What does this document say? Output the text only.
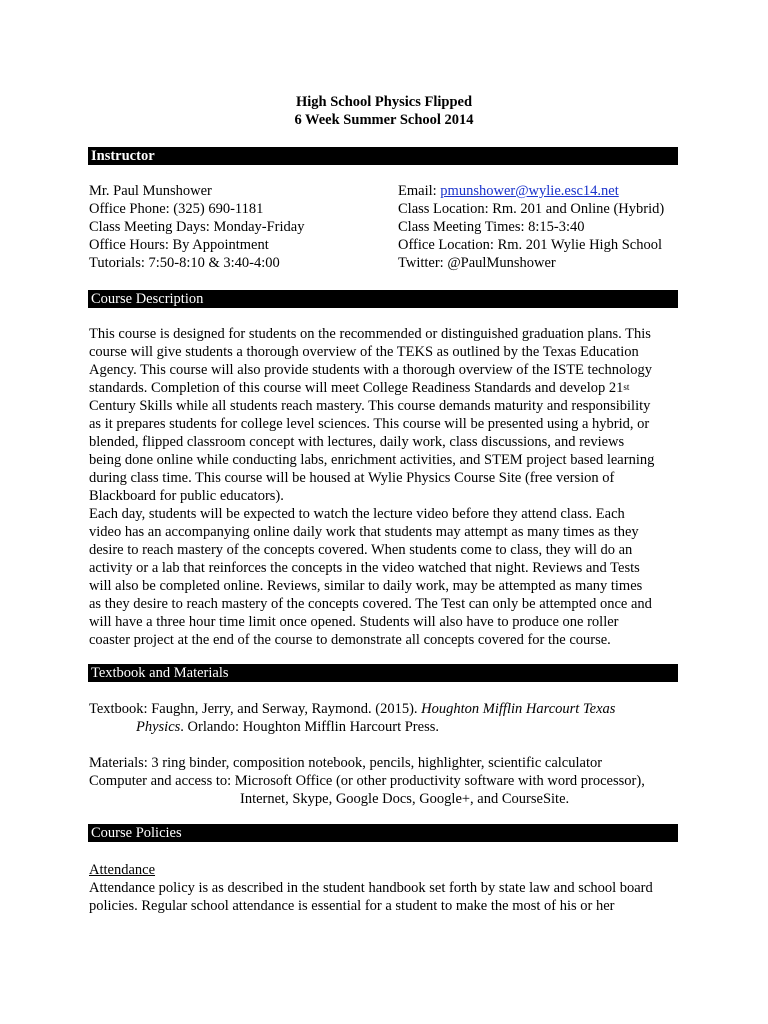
High School Physics Flipped
6 Week Summer School 2014
Instructor
Mr. Paul Munshower
Office Phone: (325) 690-1181
Class Meeting Days: Monday-Friday
Office Hours: By Appointment
Tutorials: 7:50-8:10 & 3:40-4:00
Email: pmunshower@wylie.esc14.net
Class Location: Rm. 201 and Online (Hybrid)
Class Meeting Times: 8:15-3:40
Office Location: Rm. 201 Wylie High School
Twitter: @PaulMunshower
Course Description
This course is designed for students on the recommended or distinguished graduation plans. This
course will give students a thorough overview of the TEKS as outlined by the Texas Education
Agency. This course will also provide students with a thorough overview of the ISTE technology
standards. Completion of this course will meet College Readiness Standards and develop 21st
Century Skills while all students reach mastery. This course demands maturity and responsibility
as it prepares students for college level sciences. This course will be presented using a hybrid, or
blended, flipped classroom concept with lectures, daily work, class discussions, and reviews
being done online while conducting labs, enrichment activities, and STEM project based learning
during class time. This course will be housed at Wylie Physics Course Site (free version of
Blackboard for public educators).
Each day, students will be expected to watch the lecture video before they attend class. Each
video has an accompanying online daily work that students may attempt as many times as they
desire to reach mastery of the concepts covered. When students come to class, they will do an
activity or a lab that reinforces the concepts in the video watched that night. Reviews and Tests
will also be completed online. Reviews, similar to daily work, may be attempted as many times
as they desire to reach mastery of the concepts covered. The Test can only be attempted once and
will have a three hour time limit once opened. Students will also have to produce one roller
coaster project at the end of the course to demonstrate all concepts covered for the course.
Textbook and Materials
Textbook: Faughn, Jerry, and Serway, Raymond. (2015). Houghton Mifflin Harcourt Texas
Physics. Orlando: Houghton Mifflin Harcourt Press.
Materials: 3 ring binder, composition notebook, pencils, highlighter, scientific calculator
Computer and access to: Microsoft Office (or other productivity software with word processor),
Internet, Skype, Google Docs, Google+, and CourseSite.
Course Policies
Attendance
Attendance policy is as described in the student handbook set forth by state law and school board
policies. Regular school attendance is essential for a student to make the most of his or her
